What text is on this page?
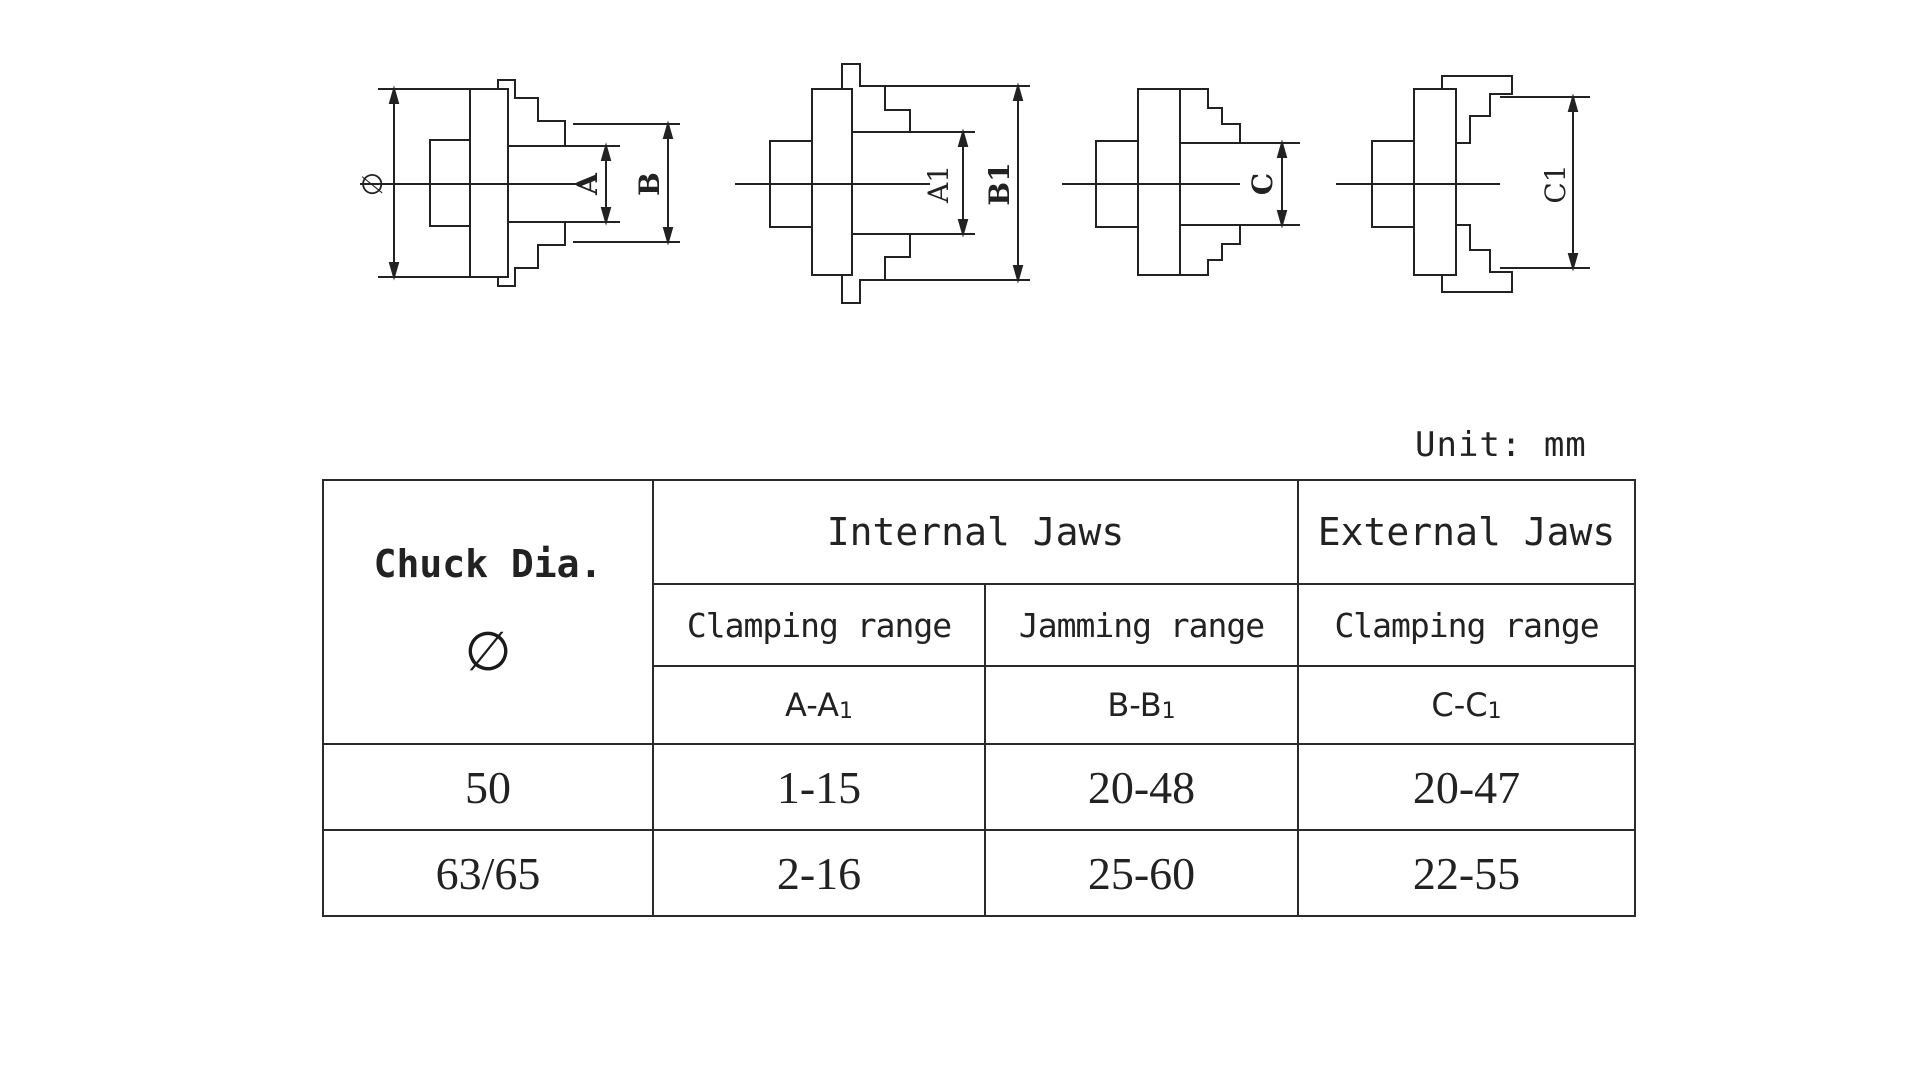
∅	A B	A1 B1	C	C1
Unit: mm
Chuck Dia.
∅	Internal Jaws		External Jaws
	Clamping range	Jamming range	Clamping range
	$A-A_1$	$B-B_1$	$C-C_1$
50	1-15	20-48	20-47
63/65	2-16	25-60	22-55
